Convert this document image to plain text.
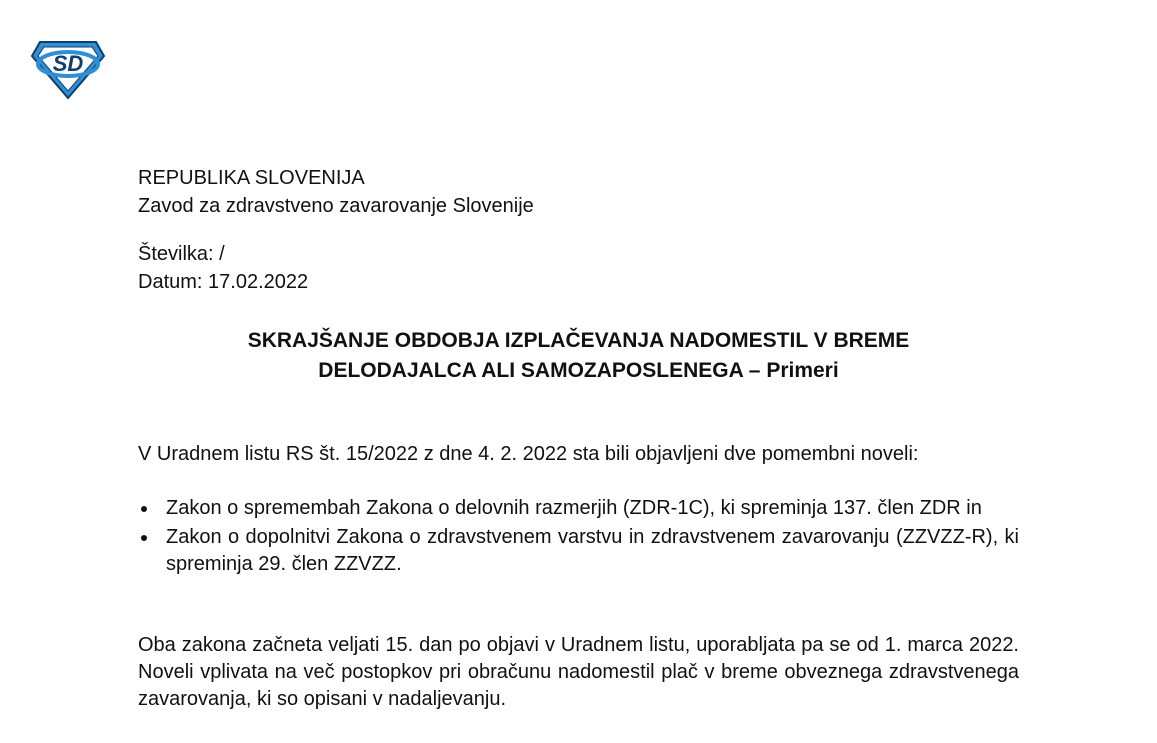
SD
REPUBLIKA SLOVENIJA
Zavod za zdravstveno zavarovanje Slovenije
Številka: /
Datum: 17.02.2022
SKRAJŠANJE OBDOBJA IZPLAČEVANJA NADOMESTIL V BREME
DELODAJALCA ALI SAMOZAPOSLENEGA – Primeri

V Uradnem listu RS št. 15/2022 z dne 4. 2. 2022 sta bili objavljeni dve pomembni noveli:

Zakon o spremembah Zakona o delovnih razmerjih (ZDR-1C), ki spreminja 137. člen ZDR in
Zakon o dopolnitvi Zakona o zdravstvenem varstvu in zdravstvenem zavarovanju (ZZVZZ-R), ki spreminja 29. člen ZZVZZ.

Oba zakona začneta veljati 15. dan po objavi v Uradnem listu, uporabljata pa se od 1. marca 2022. Noveli vplivata na več postopkov pri obračunu nadomestil plač v breme obveznega zdravstvenega zavarovanja, ki so opisani v nadaljevanju.
